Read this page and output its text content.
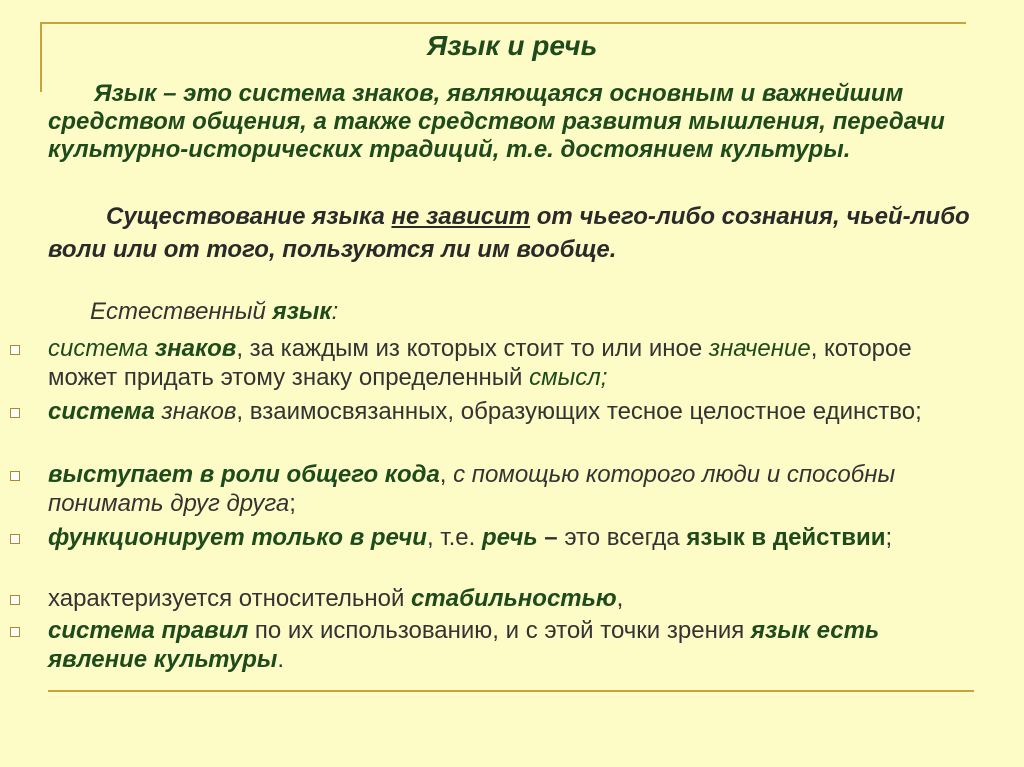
Язык и речь
Язык – это система знаков, являющаяся основным и важнейшим средством общения, а также средством развития мышления, передачи культурно-исторических традиций, т.е. достоянием культуры.
Существование языка не зависит от чьего-либо сознания, чьей-либо воли или от того, пользуются ли им вообще.
Естественный язык:
система знаков, за каждым из которых стоит то или иное значение, которое может придать этому знаку определенный смысл;
система знаков, взаимосвязанных, образующих тесное целостное единство;
выступает в роли общего кода, с помощью которого люди и способны понимать друг друга;
функционирует только в речи, т.е. речь – это всегда язык в действии;
характеризуется относительной стабильностью,
система правил по их использованию, и с этой точки зрения язык есть явление культуры.
